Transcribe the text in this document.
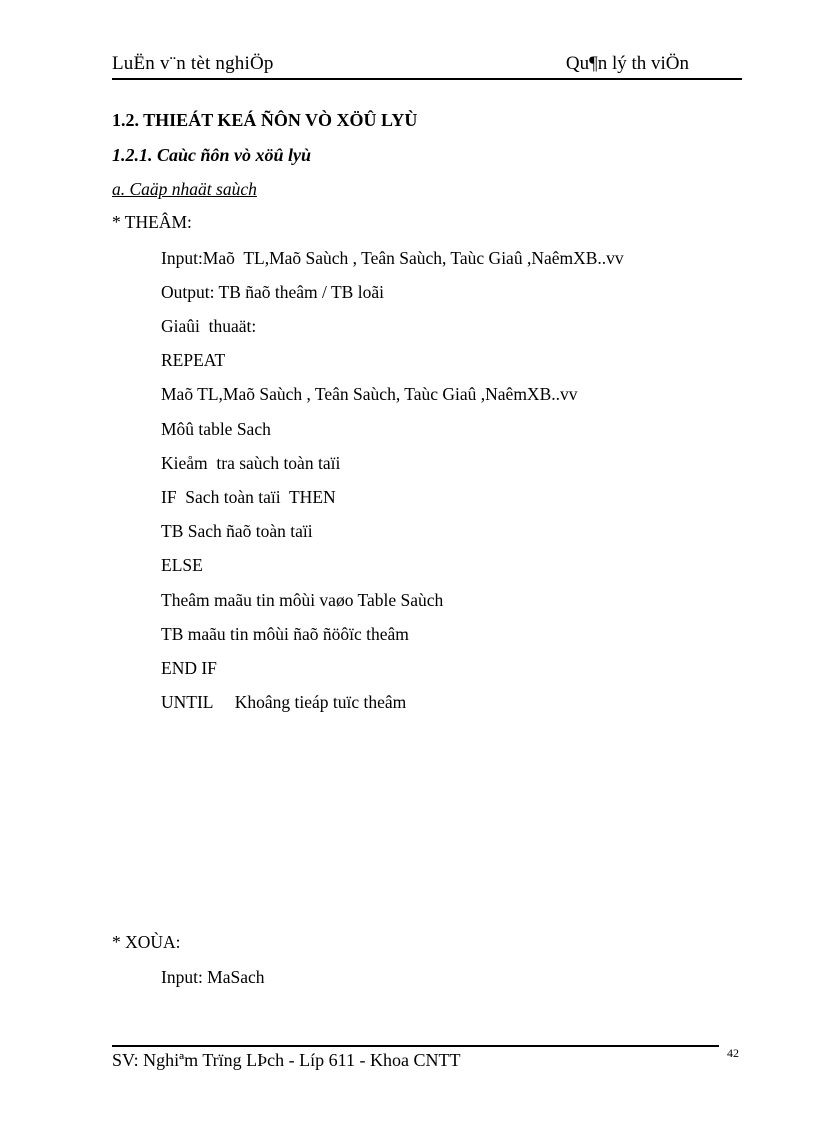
LuËn v¨n tèt nghiÖp	Qu¶n lý th viÖn
1.2. THIEÁT KEÁ ÑÔN VÒ XÖÛ LYÙ
1.2.1. Caùc ñôn vò xöû lyù
a. Caäp nhaät saùch
* THEÂM:
Input:Maõ  TL,Maõ Saùch , Teân Saùch, Taùc Giaû ,NaêmXB..vv
Output: TB ñaõ theâm / TB loãi
Giaûi  thuaät:
REPEAT
Maõ TL,Maõ Saùch , Teân Saùch, Taùc Giaû ,NaêmXB..vv
Môû table Sach
Kieåm  tra saùch toàn taïi
IF  Sach toàn taïi  THEN
TB Sach ñaõ toàn taïi
ELSE
Theâm maãu tin môùi vaøo Table Saùch
TB maãu tin môùi ñaõ ñöôïc theâm
END IF
UNTIL     Khoâng tieáp tuïc theâm
* XOÙA:
Input: MaSach
SV: Nghiªm Trïng LÞch - Líp 611 - Khoa CNTT	42
